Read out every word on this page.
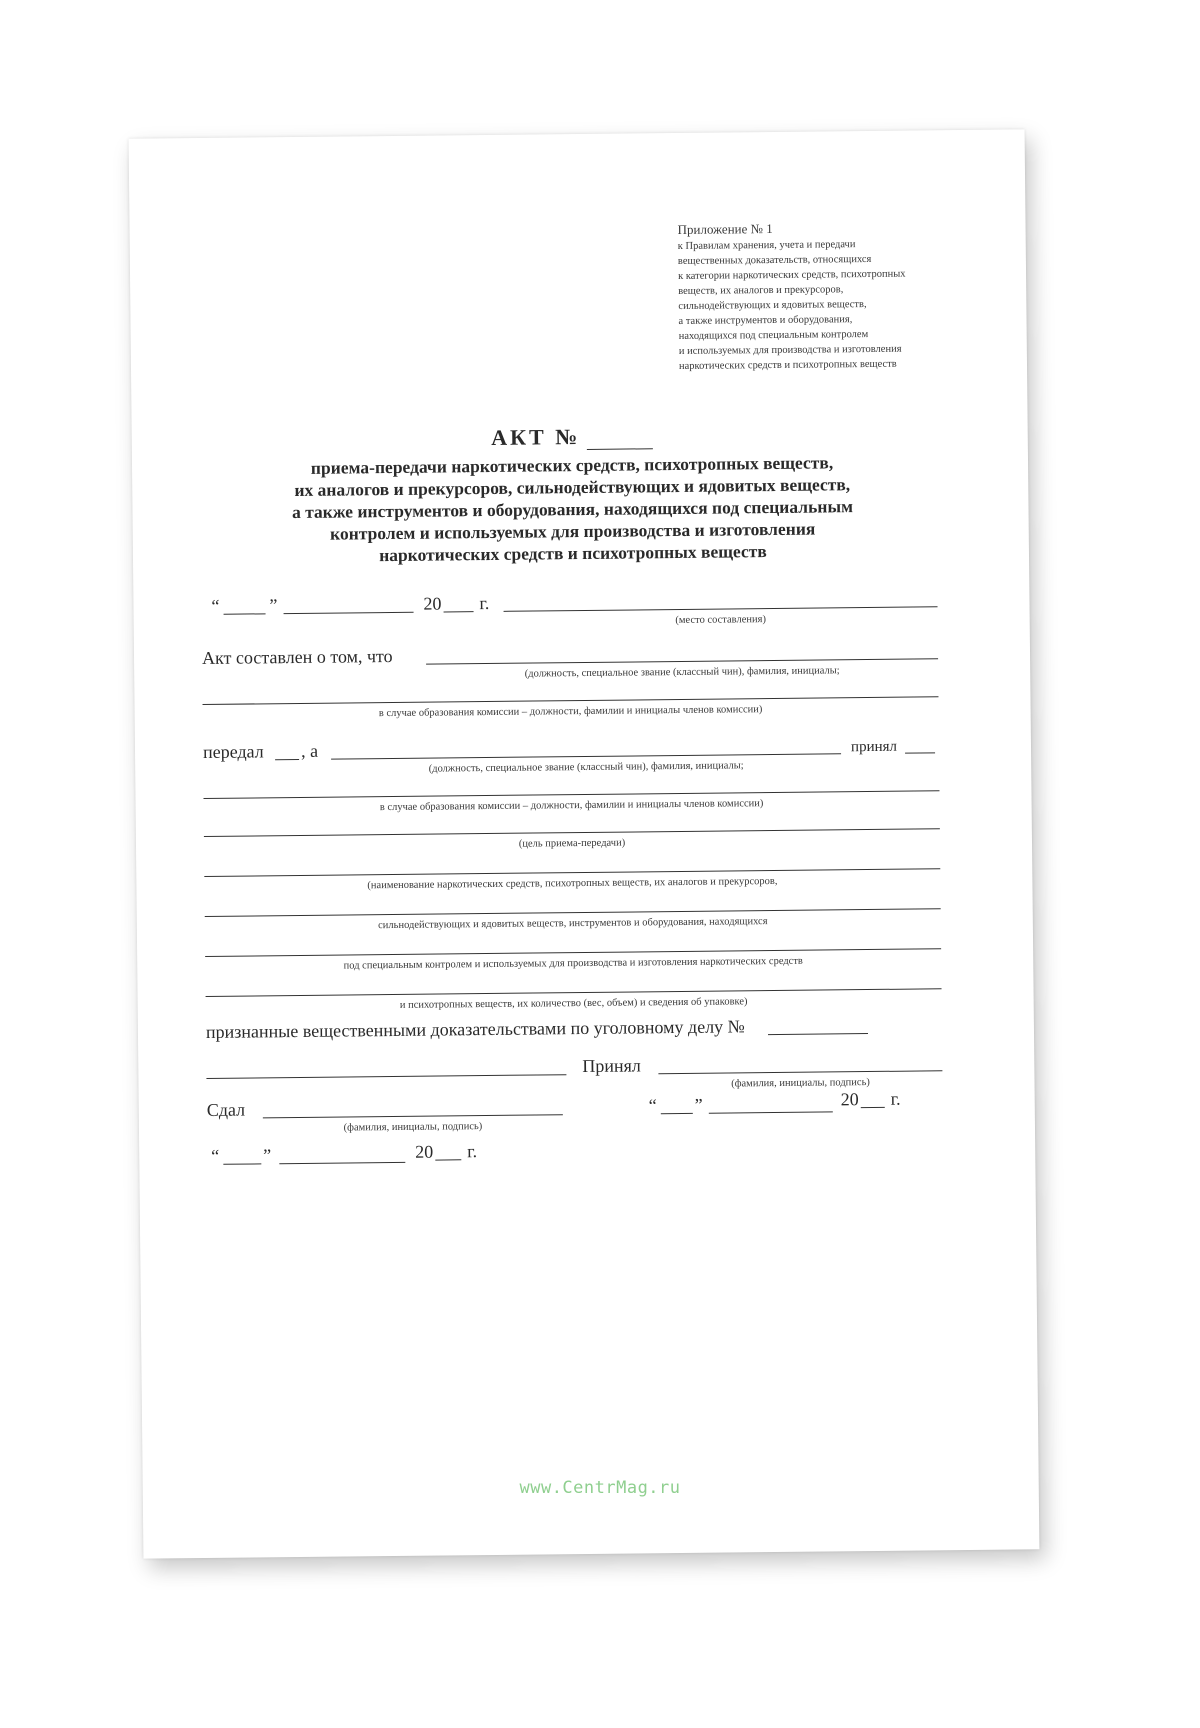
Приложение № 1
к Правилам хранения, учета и передачи
вещественных доказательств, относящихся
к категории наркотических средств, психотропных
веществ, их аналогов и прекурсоров,
сильнодействующих и ядовитых веществ,
а также инструментов и оборудования,
находящихся под специальным контролем
и используемых для производства и изготовления
наркотических средств и психотропных веществ
АКТ №
приема-передачи наркотических средств, психотропных веществ,
их аналогов и прекурсоров, сильнодействующих и ядовитых веществ,
а также инструментов и оборудования, находящихся под специальным
контролем и используемых для производства и изготовления
наркотических средств и психотропных веществ
“	”	20 г.
(место составления)
Акт составлен о том, что
(должность, специальное звание (классный чин), фамилия, инициалы;
в случае образования комиссии – должности, фамилии и инициалы членов комиссии)
передал , а	принял
(должность, специальное звание (классный чин), фамилия, инициалы;
в случае образования комиссии – должности, фамилии и инициалы членов комиссии)
(цель приема-передачи)
(наименование наркотических средств, психотропных веществ, их аналогов и прекурсоров,
сильнодействующих и ядовитых веществ, инструментов и оборудования, находящихся
под специальным контролем и используемых для производства и изготовления наркотических средств
и психотропных веществ, их количество (вес, объем) и сведения об упаковке)
признанные вещественными доказательствами по уголовному делу №
Принял
(фамилия, инициалы, подпись)
Сдал
(фамилия, инициалы, подпись)
“ ”	20 г.
“ ”	20 г.
www.CentrMag.ru
